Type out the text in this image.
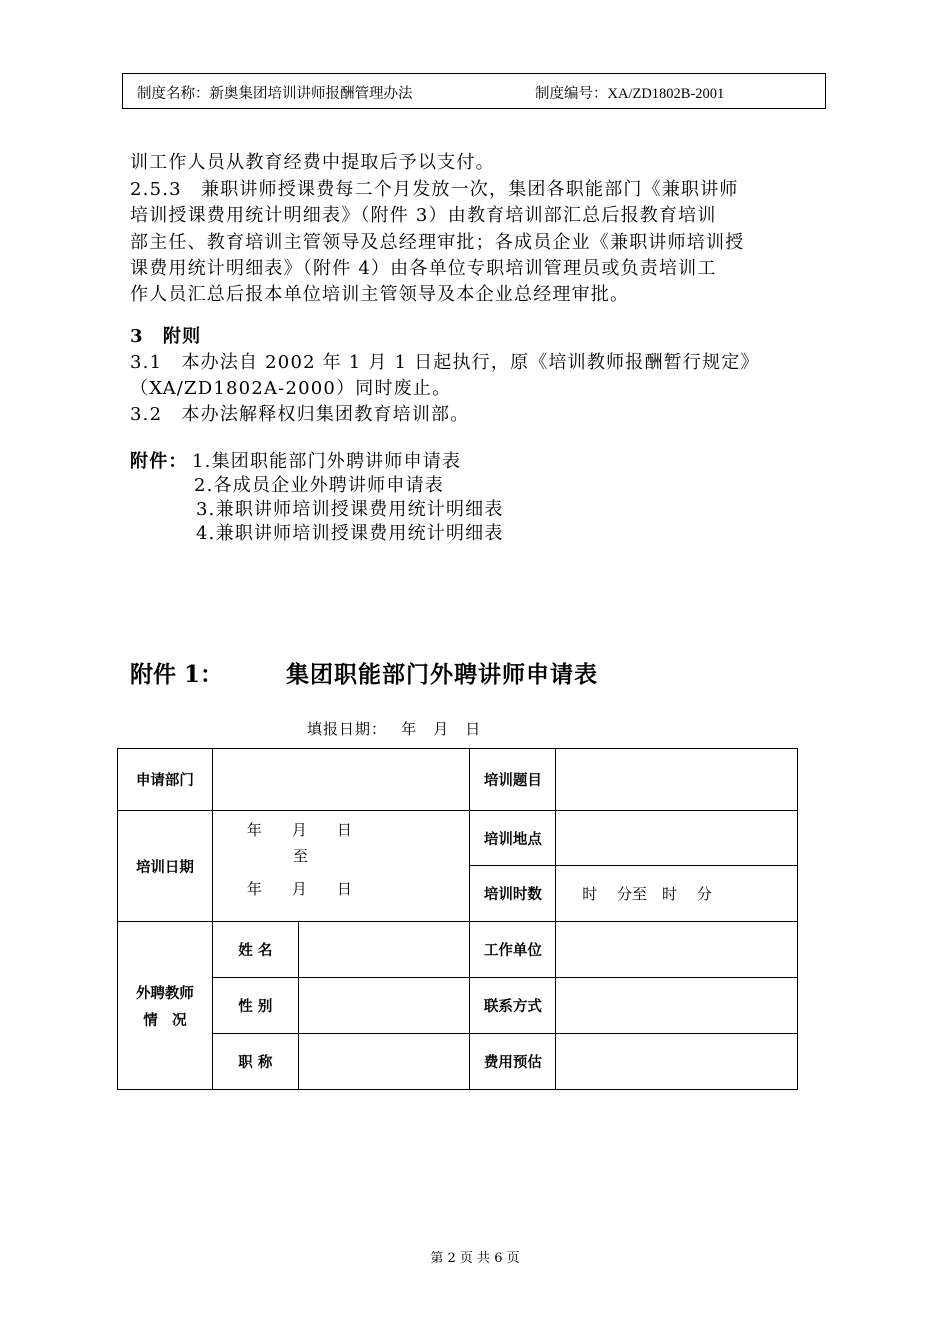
制度名称：新奥集团培训讲师报酬管理办法	制度编号：XA/ZD1802B-2001
训工作人员从教育经费中提取后予以支付。
2.5.3　兼职讲师授课费每二个月发放一次，集团各职能部门《兼职讲师
培训授课费用统计明细表》（附件 3）由教育培训部汇总后报教育培训
部主任、教育培训主管领导及总经理审批；各成员企业《兼职讲师培训授
课费用统计明细表》（附件 4）由各单位专职培训管理员或负责培训工
作人员汇总后报本单位培训主管领导及本企业总经理审批。
3　附则
3.1　本办法自 2002 年 1 月 1 日起执行，原《培训教师报酬暂行规定》
（XA/ZD1802A-2000）同时废止。
3.2　本办法解释权归集团教育培训部。
附件： 1.集团职能部门外聘讲师申请表
2.各成员企业外聘讲师申请表
3.兼职讲师培训授课费用统计明细表
4.兼职讲师培训授课费用统计明细表
附件 1：	集团职能部门外聘讲师申请表
填报日期：　 年　月　日
申请部门			培训题目	
培训日期	年　　月　　日
至
年　　月　　日		培训地点	
			培训时数	时　 分至　时　 分

外聘教师
情　况	姓 名		工作单位	
	性 别		联系方式	
	职 称		费用预估	
第 2 页 共 6 页
